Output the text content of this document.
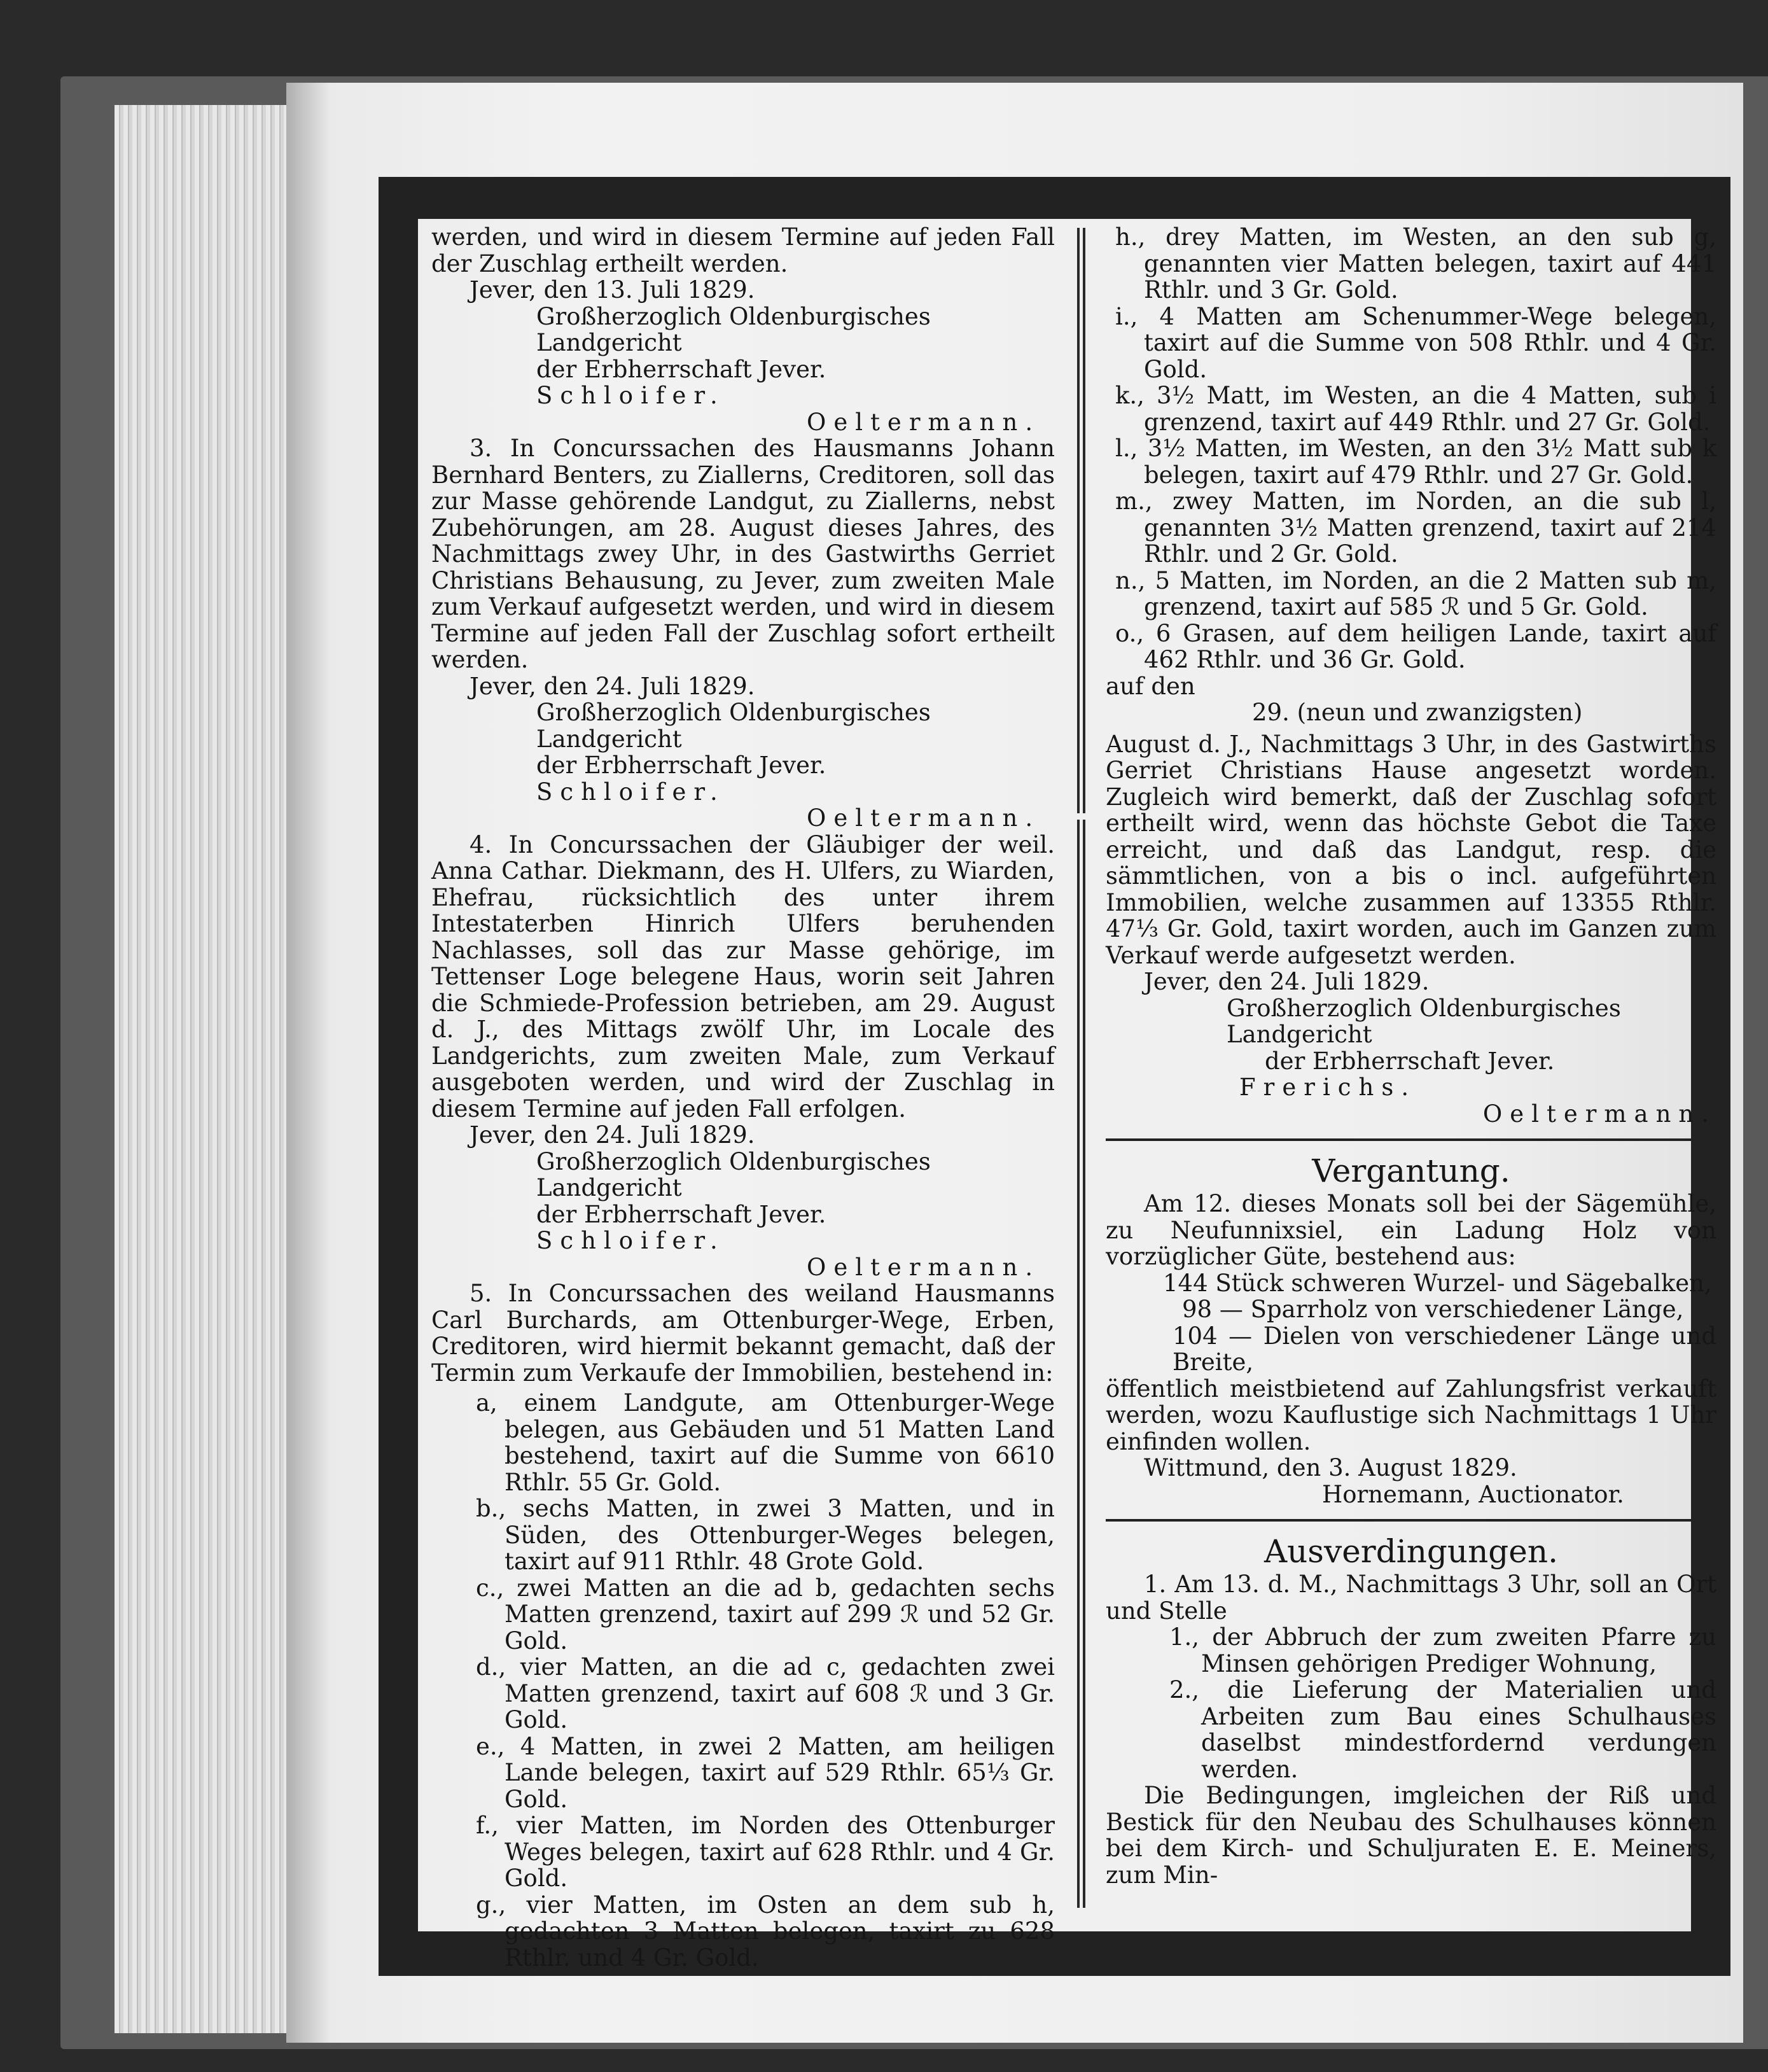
werden, und wird in diesem Termine auf jeden Fall der Zuschlag ertheilt werden.

Jever, den 13. Juli 1829.

Großherzoglich Oldenburgisches Landgericht

der Erbherrschaft Jever.

Schloifer.

Oeltermann.

3. In Concurssachen des Hausmanns Johann Bernhard Benters, zu Ziallerns, Creditoren, soll das zur Masse gehörende Landgut, zu Ziallerns, nebst Zubehörungen, am 28. August dieses Jahres, des Nachmittags zwey Uhr, in des Gastwirths Gerriet Christians Behausung, zu Jever, zum zweiten Male zum Verkauf aufgesetzt werden, und wird in diesem Termine auf jeden Fall der Zuschlag sofort ertheilt werden.

Jever, den 24. Juli 1829.

Großherzoglich Oldenburgisches Landgericht

der Erbherrschaft Jever.

Schloifer.

Oeltermann.

4. In Concurssachen der Gläubiger der weil. Anna Cathar. Diekmann, des H. Ulfers, zu Wiarden, Ehefrau, rücksichtlich des unter ihrem Intestaterben Hinrich Ulfers beruhenden Nachlasses, soll das zur Masse gehörige, im Tettenser Loge belegene Haus, worin seit Jahren die Schmiede-Profession betrieben, am 29. August d. J., des Mittags zwölf Uhr, im Locale des Landgerichts, zum zweiten Male, zum Verkauf ausgeboten werden, und wird der Zuschlag in diesem Termine auf jeden Fall erfolgen.

Jever, den 24. Juli 1829.

Großherzoglich Oldenburgisches Landgericht

der Erbherrschaft Jever.

Schloifer.

Oeltermann.

5. In Concurssachen des weiland Hausmanns Carl Burchards, am Ottenburger-Wege, Erben, Creditoren, wird hiermit bekannt gemacht, daß der Termin zum Verkaufe der Immobilien, bestehend in:

a, einem Landgute, am Ottenburger-Wege belegen, aus Gebäuden und 51 Matten Land bestehend, taxirt auf die Summe von 6610 Rthlr. 55 Gr. Gold.

b., sechs Matten, in zwei 3 Matten, und in Süden, des Ottenburger-Weges belegen, taxirt auf 911 Rthlr. 48 Grote Gold.

c., zwei Matten an die ad b, gedachten sechs Matten grenzend, taxirt auf 299 ℛ und 52 Gr. Gold.

d., vier Matten, an die ad c, gedachten zwei Matten grenzend, taxirt auf 608 ℛ und 3 Gr. Gold.

e., 4 Matten, in zwei 2 Matten, am heiligen Lande belegen, taxirt auf 529 Rthlr. 65⅓ Gr. Gold.

f., vier Matten, im Norden des Ottenburger Weges belegen, taxirt auf 628 Rthlr. und 4 Gr. Gold.

g., vier Matten, im Osten an dem sub h, gedachten 3 Matten belegen, taxirt zu 628 Rthlr. und 4 Gr. Gold.

h., drey Matten, im Westen, an den sub g, genannten vier Matten belegen, taxirt auf 441 Rthlr. und 3 Gr. Gold.

i., 4 Matten am Schenummer-Wege belegen, taxirt auf die Summe von 508 Rthlr. und 4 Gr. Gold.

k., 3½ Matt, im Westen, an die 4 Matten, sub i grenzend, taxirt auf 449 Rthlr. und 27 Gr. Gold.

l., 3½ Matten, im Westen, an den 3½ Matt sub k belegen, taxirt auf 479 Rthlr. und 27 Gr. Gold.

m., zwey Matten, im Norden, an die sub l, genannten 3½ Matten grenzend, taxirt auf 214 Rthlr. und 2 Gr. Gold.

n., 5 Matten, im Norden, an die 2 Matten sub m, grenzend, taxirt auf 585 ℛ und 5 Gr. Gold.

o., 6 Grasen, auf dem heiligen Lande, taxirt auf 462 Rthlr. und 36 Gr. Gold.

auf den

29. (neun und zwanzigsten)

August d. J., Nachmittags 3 Uhr, in des Gastwirths Gerriet Christians Hause angesetzt worden. Zugleich wird bemerkt, daß der Zuschlag sofort ertheilt wird, wenn das höchste Gebot die Taxe erreicht, und daß das Landgut, resp. die sämmtlichen, von a bis o incl. aufgeführten Immobilien, welche zusammen auf 13355 Rthlr. 47⅓ Gr. Gold, taxirt worden, auch im Ganzen zum Verkauf werde aufgesetzt werden.

Jever, den 24. Juli 1829.

Großherzoglich Oldenburgisches Landgericht

der Erbherrschaft Jever.

Frerichs.

Oeltermann.

Vergantung.

Am 12. dieses Monats soll bei der Sägemühle, zu Neufunnixsiel, ein Ladung Holz von vorzüglicher Güte, bestehend aus:

144 Stück schweren Wurzel- und Sägebalken,

98 — Sparrholz von verschiedener Länge,

104 — Dielen von verschiedener Länge und Breite,

öffentlich meistbietend auf Zahlungsfrist verkauft werden, wozu Kauflustige sich Nachmittags 1 Uhr einfinden wollen.

Wittmund, den 3. August 1829.

Hornemann, Auctionator.

Ausverdingungen.

1. Am 13. d. M., Nachmittags 3 Uhr, soll an Ort und Stelle

1., der Abbruch der zum zweiten Pfarre zu Minsen gehörigen Prediger Wohnung,

2., die Lieferung der Materialien und Arbeiten zum Bau eines Schulhauses daselbst mindestfordernd verdungen werden.

Die Bedingungen, imgleichen der Riß und Bestick für den Neubau des Schulhauses können bei dem Kirch- und Schuljuraten E. E. Meiners, zum Min-
